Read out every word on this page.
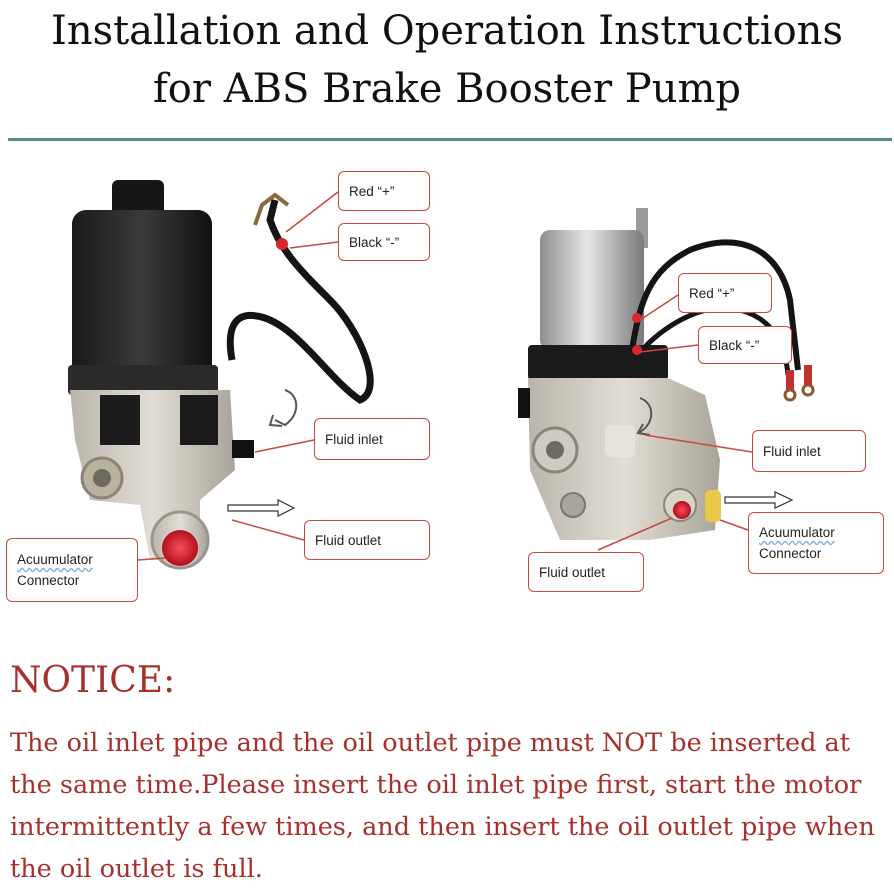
Installation and Operation Instructions
for ABS Brake Booster Pump
Red “+”
Black “-”
Fluid inlet
Fluid outlet
Acuumulator
Connector
Red “+”
Black “-”
Fluid inlet
Fluid outlet
Acuumulator
Connector
NOTICE:
The oil inlet pipe and the oil outlet pipe must NOT be inserted at the same time.Please insert the oil inlet pipe first, start the motor intermittently a few times, and then insert the oil outlet pipe when the oil outlet is full.
